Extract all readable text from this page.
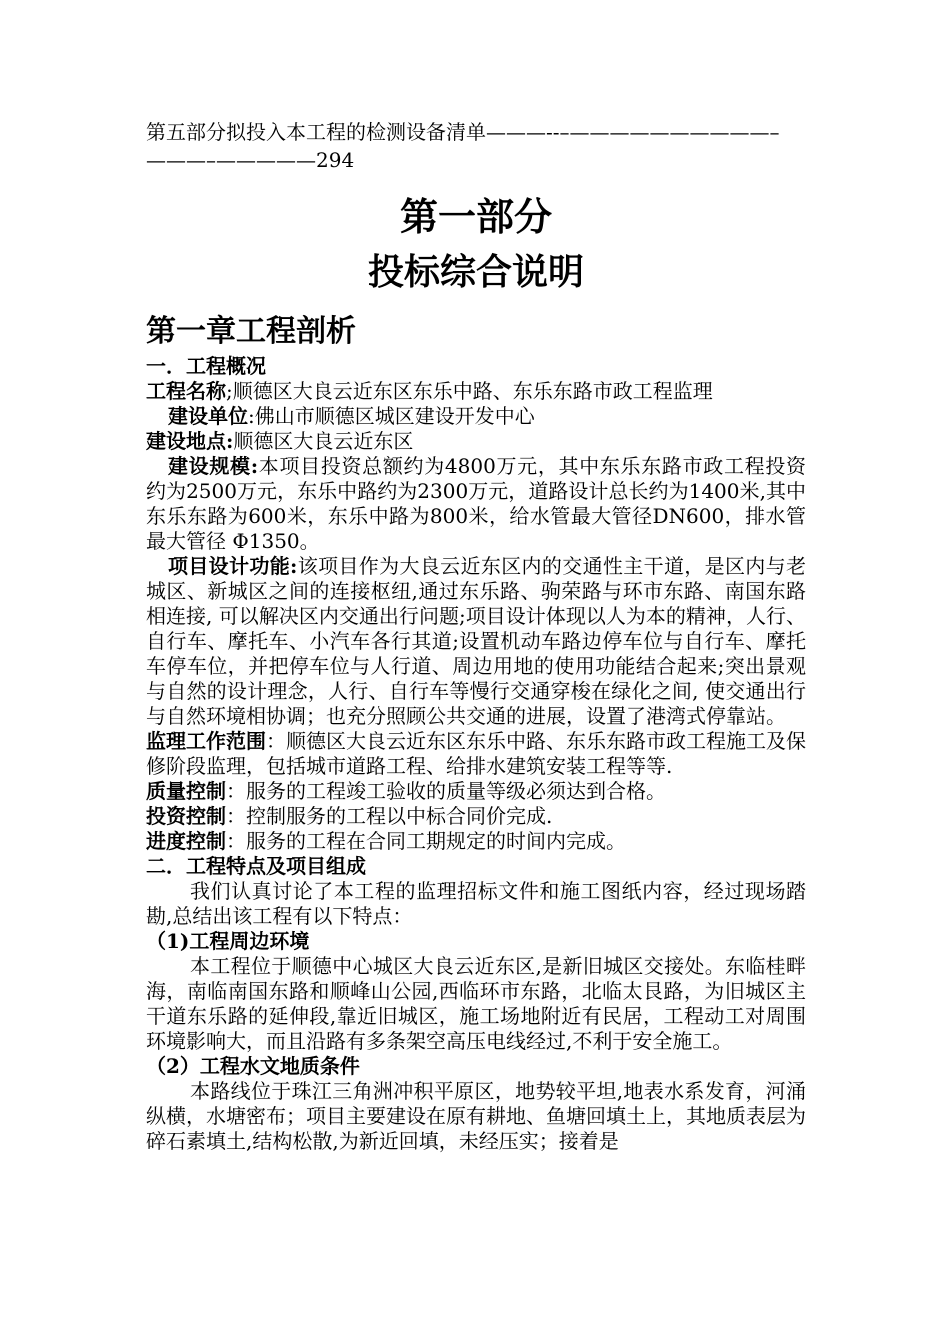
第五部分拟投入本工程的检测设备清单———--–——————————–———–—————294

第一部分
投标综合说明
第一章工程剖析

一．工程概况

工程名称;顺德区大良云近东区东乐中路、东乐东路市政工程监理

建设单位:佛山市顺德区城区建设开发中心

建设地点:顺德区大良云近东区

建设规模:本项目投资总额约为4800万元，其中东乐东路市政工程投资约为2500万元，东乐中路约为2300万元，道路设计总长约为1400米,其中东乐东路为600米，东乐中路为800米，给水管最大管径DN600，排水管最大管径 Φ1350。

项目设计功能:该项目作为大良云近东区内的交通性主干道，是区内与老城区、新城区之间的连接枢纽,通过东乐路、驹荣路与环市东路、南国东路相连接, 可以解决区内交通出行问题;项目设计体现以人为本的精神，人行、自行车、摩托车、小汽车各行其道;设置机动车路边停车位与自行车、摩托车停车位，并把停车位与人行道、周边用地的使用功能结合起来;突出景观与自然的设计理念，人行、自行车等慢行交通穿梭在绿化之间, 使交通出行与自然环境相协调；也充分照顾公共交通的进展，设置了港湾式停靠站。

监理工作范围：顺德区大良云近东区东乐中路、东乐东路市政工程施工及保修阶段监理，包括城市道路工程、给排水建筑安装工程等等.

质量控制：服务的工程竣工验收的质量等级必须达到合格。

投资控制：控制服务的工程以中标合同价完成.

进度控制：服务的工程在合同工期规定的时间内完成。

二．工程特点及项目组成

我们认真讨论了本工程的监理招标文件和施工图纸内容，经过现场踏勘,总结出该工程有以下特点：

（1)工程周边环境

本工程位于顺德中心城区大良云近东区,是新旧城区交接处。东临桂畔海，南临南国东路和顺峰山公园,西临环市东路，北临太艮路，为旧城区主干道东乐路的延伸段,靠近旧城区，施工场地附近有民居，工程动工对周围环境影响大，而且沿路有多条架空高压电线经过,不利于安全施工。

（2）工程水文地质条件

本路线位于珠江三角洲冲积平原区，地势较平坦,地表水系发育，河涌纵横，水塘密布；项目主要建设在原有耕地、鱼塘回填土上，其地质表层为碎石素填土,结构松散,为新近回填，未经压实；接着是
